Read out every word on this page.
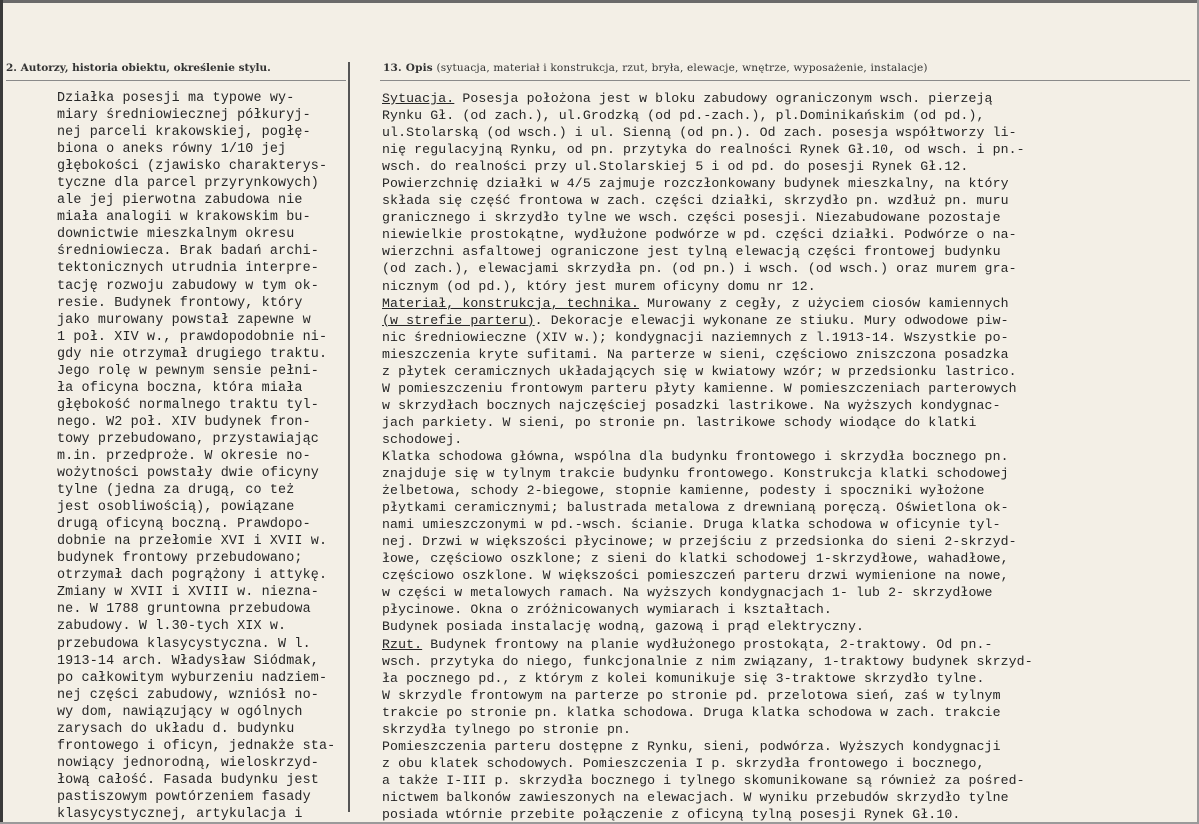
2. Autorzy, historia obiektu, określenie stylu.	13. Opis (sytuacja, materiał i konstrukcja, rzut, bryła, elewacje, wnętrze, wyposażenie, instalacje)
Działka posesji ma typowe wy-
miary średniowiecznej półkuryj-
nej parceli krakowskiej, pogłę-
biona o aneks równy 1/10 jej
głębokości (zjawisko charakterys-
tyczne dla parcel przyrynkowych)
ale jej pierwotna zabudowa nie
miała analogii w krakowskim bu-
downictwie mieszkalnym okresu
średniowiecza. Brak badań archi-
tektonicznych utrudnia interpre-
tację rozwoju zabudowy w tym ok-
resie. Budynek frontowy, który
jako murowany powstał zapewne w
1 poł. XIV w., prawdopodobnie ni-
gdy nie otrzymał drugiego traktu.
Jego rolę w pewnym sensie pełni-
ła oficyna boczna, która miała
głębokość normalnego traktu tyl-
nego. W2 poł. XIV budynek fron-
towy przebudowano, przystawiając
m.in. przedproże. W okresie no-
wożytności powstały dwie oficyny
tylne (jedna za drugą, co też
jest osobliwością), powiązane
drugą oficyną boczną. Prawdopo-
dobnie na przełomie XVI i XVII w.
budynek frontowy przebudowano;
otrzymał dach pogrążony i attykę.
Zmiany w XVII i XVIII w. niezna-
ne. W 1788 gruntowna przebudowa
zabudowy. W l.30-tych XIX w.
przebudowa klasycystyczna. W l.
1913-14 arch. Władysław Siódmak,
po całkowitym wyburzeniu nadziem-
nej części zabudowy, wzniósł no-
wy dom, nawiązujący w ogólnych
zarysach do układu d. budynku
frontowego i oficyn, jednakże sta-
nowiący jednorodną, wieloskrzyd-
łową całość. Fasada budynku jest
pastiszowym powtórzeniem fasady
klasycystycznej, artykulacja i
Sytuacja. Posesja położona jest w bloku zabudowy ograniczonym wsch. pierzeją
Rynku Gł. (od zach.), ul.Grodzką (od pd.-zach.), pl.Dominikańskim (od pd.),
ul.Stolarską (od wsch.) i ul. Sienną (od pn.). Od zach. posesja współtworzy li-
nię regulacyjną Rynku, od pn. przytyka do realności Rynek Gł.10, od wsch. i pn.-
wsch. do realności przy ul.Stolarskiej 5 i od pd. do posesji Rynek Gł.12.
Powierzchnię działki w 4/5 zajmuje rozczłonkowany budynek mieszkalny, na który
składa się część frontowa w zach. części działki, skrzydło pn. wzdłuż pn. muru
granicznego i skrzydło tylne we wsch. części posesji. Niezabudowane pozostaje
niewielkie prostokątne, wydłużone podwórze w pd. części działki. Podwórze o na-
wierzchni asfaltowej ograniczone jest tylną elewacją części frontowej budynku
(od zach.), elewacjami skrzydła pn. (od pn.) i wsch. (od wsch.) oraz murem gra-
nicznym (od pd.), który jest murem oficyny domu nr 12.
Materiał, konstrukcja, technika. Murowany z cegły, z użyciem ciosów kamiennych
(w strefie parteru). Dekoracje elewacji wykonane ze stiuku. Mury odwodowe piw-
nic średniowieczne (XIV w.); kondygnacji naziemnych z l.1913-14. Wszystkie po-
mieszczenia kryte sufitami. Na parterze w sieni, częściowo zniszczona posadzka
z płytek ceramicznych układających się w kwiatowy wzór; w przedsionku lastrico.
W pomieszczeniu frontowym parteru płyty kamienne. W pomieszczeniach parterowych
w skrzydłach bocznych najczęściej posadzki lastrikowe. Na wyższych kondygnac-
jach parkiety. W sieni, po stronie pn. lastrikowe schody wiodące do klatki
schodowej.
Klatka schodowa główna, wspólna dla budynku frontowego i skrzydła bocznego pn.
znajduje się w tylnym trakcie budynku frontowego. Konstrukcja klatki schodowej
żelbetowa, schody 2-biegowe, stopnie kamienne, podesty i spoczniki wyłożone
płytkami ceramicznymi; balustrada metalowa z drewnianą poręczą. Oświetlona ok-
nami umieszczonymi w pd.-wsch. ścianie. Druga klatka schodowa w oficynie tyl-
nej. Drzwi w większości płycinowe; w przejściu z przedsionka do sieni 2-skrzyd-
łowe, częściowo oszklone; z sieni do klatki schodowej 1-skrzydłowe, wahadłowe,
częściowo oszklone. W większości pomieszczeń parteru drzwi wymienione na nowe,
w części w metalowych ramach. Na wyższych kondygnacjach 1- lub 2- skrzydłowe
płycinowe. Okna o zróżnicowanych wymiarach i kształtach.
Budynek posiada instalację wodną, gazową i prąd elektryczny.
Rzut. Budynek frontowy na planie wydłużonego prostokąta, 2-traktowy. Od pn.-
wsch. przytyka do niego, funkcjonalnie z nim związany, 1-traktowy budynek skrzyd-
ła pocznego pd., z którym z kolei komunikuje się 3-traktowe skrzydło tylne.
W skrzydle frontowym na parterze po stronie pd. przelotowa sień, zaś w tylnym
trakcie po stronie pn. klatka schodowa. Druga klatka schodowa w zach. trakcie
skrzydła tylnego po stronie pn.
Pomieszczenia parteru dostępne z Rynku, sieni, podwórza. Wyższych kondygnacji
z obu klatek schodowych. Pomieszczenia I p. skrzydła frontowego i bocznego,
a także I-III p. skrzydła bocznego i tylnego skomunikowane są również za pośred-
nictwem balkonów zawieszonych na elewacjach. W wyniku przebudów skrzydło tylne
posiada wtórnie przebite połączenie z oficyną tylną posesji Rynek Gł.10.
